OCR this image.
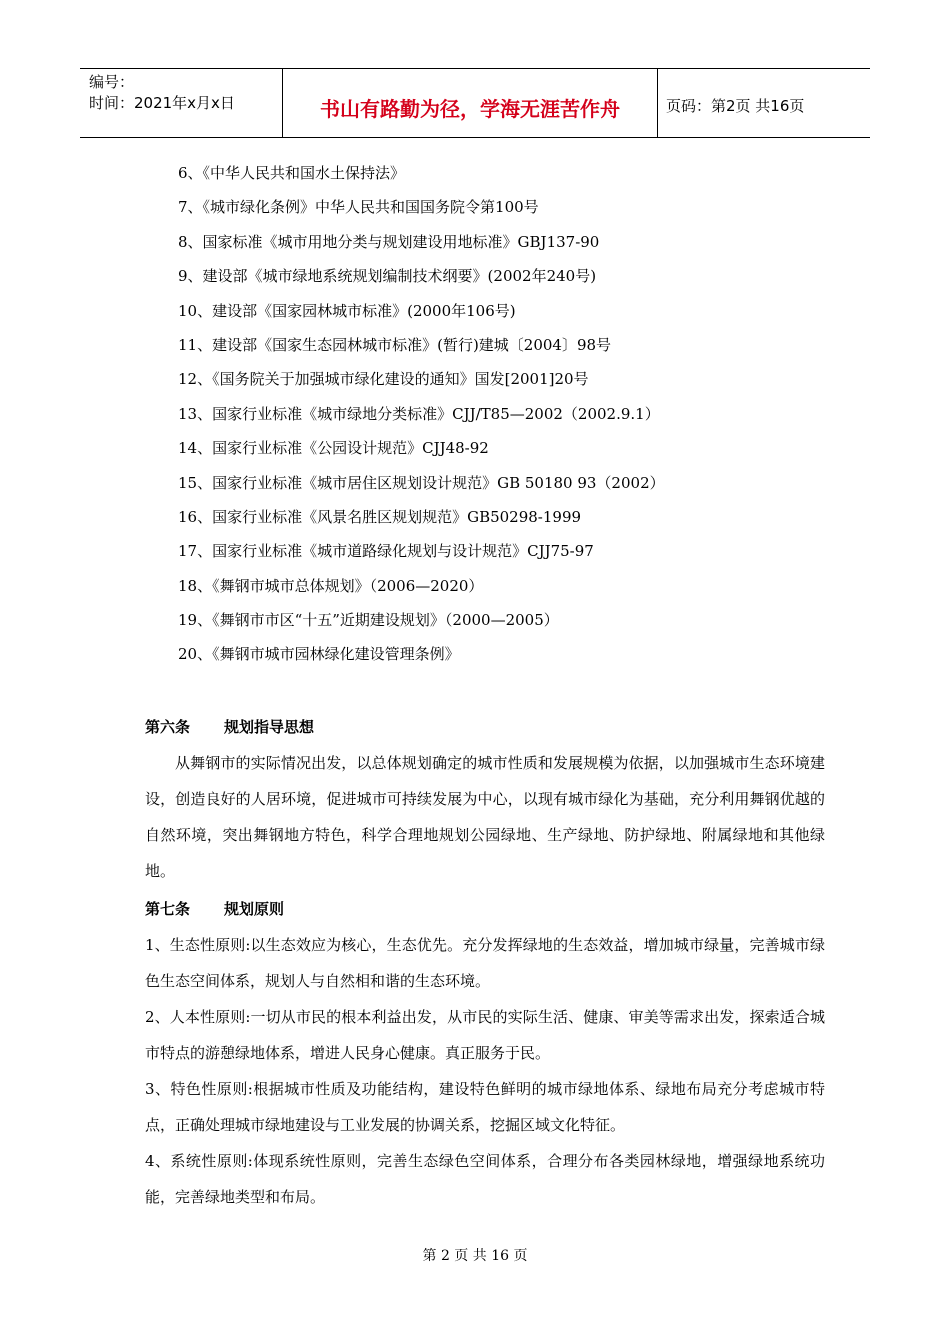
编号：
时间：2021年x月x日	书山有路勤为径，学海无涯苦作舟	页码：第2页 共16页
6、《中华人民共和国水土保持法》
7、《城市绿化条例》中华人民共和国国务院令第100号
8、国家标准《城市用地分类与规划建设用地标准》GBJ137-90
9、建设部《城市绿地系统规划编制技术纲要》(2002年240号)
10、建设部《国家园林城市标准》(2000年106号)
11、建设部《国家生态园林城市标准》(暂行)建城〔2004〕98号
12、《国务院关于加强城市绿化建设的通知》国发[2001]20号
13、国家行业标准《城市绿地分类标准》CJJ/T85—2002（2002.9.1）
14、国家行业标准《公园设计规范》CJJ48-92
15、国家行业标准《城市居住区规划设计规范》GB 50180 93（2002）
16、国家行业标准《风景名胜区规划规范》GB50298-1999
17、国家行业标准《城市道路绿化规划与设计规范》CJJ75-97
18、《舞钢市城市总体规划》（2006—2020）
19、《舞钢市市区“十五”近期建设规划》（2000—2005）
20、《舞钢市城市园林绿化建设管理条例》
第六条 规划指导思想
从舞钢市的实际情况出发，以总体规划确定的城市性质和发展规模为依据，以加强城市生态环境建设，创造良好的人居环境，促进城市可持续发展为中心，以现有城市绿化为基础，充分利用舞钢优越的自然环境，突出舞钢地方特色，科学合理地规划公园绿地、生产绿地、防护绿地、附属绿地和其他绿地。
第七条 规划原则
1、生态性原则:以生态效应为核心，生态优先。充分发挥绿地的生态效益，增加城市绿量，完善城市绿色生态空间体系，规划人与自然相和谐的生态环境。
2、人本性原则:一切从市民的根本利益出发，从市民的实际生活、健康、审美等需求出发，探索适合城市特点的游憩绿地体系，增进人民身心健康。真正服务于民。
3、特色性原则:根据城市性质及功能结构，建设特色鲜明的城市绿地体系、绿地布局充分考虑城市特点，正确处理城市绿地建设与工业发展的协调关系，挖掘区域文化特征。
4、系统性原则:体现系统性原则，完善生态绿色空间体系，合理分布各类园林绿地，增强绿地系统功能，完善绿地类型和布局。
第 2 页 共 16 页
